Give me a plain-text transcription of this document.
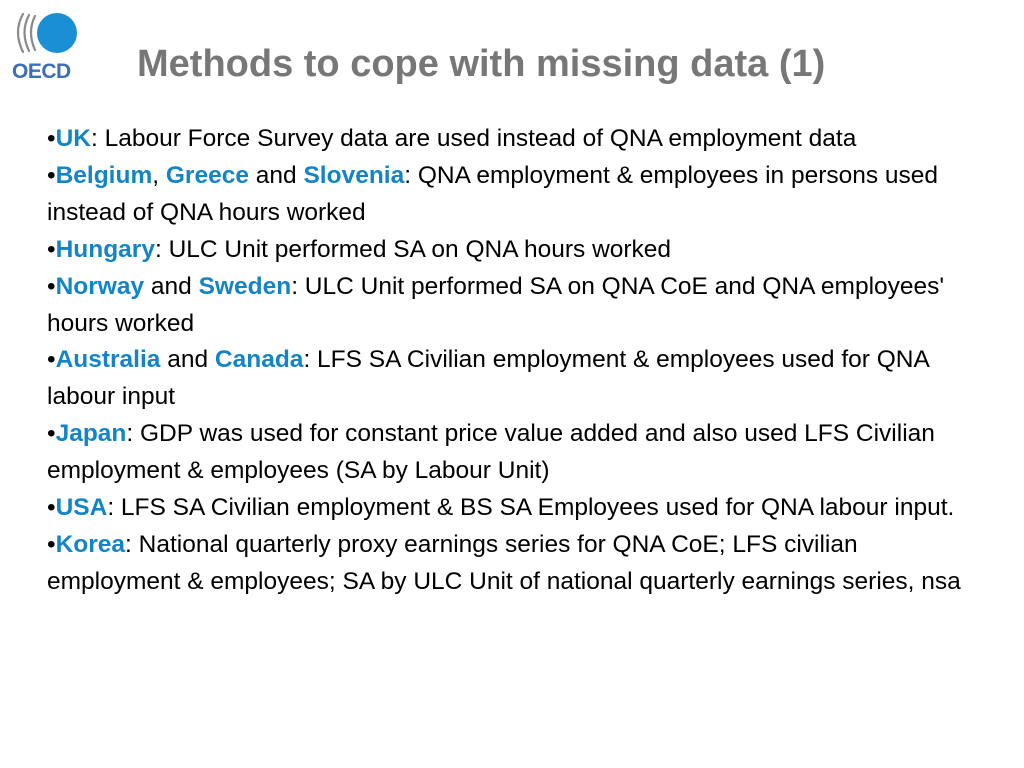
OECD Methods to cope with missing data (1)

•UK: Labour Force Survey data are used instead of QNA employment data

•Belgium, Greece and Slovenia: QNA employment & employees in persons used instead of QNA hours worked

•Hungary: ULC Unit performed SA on QNA hours worked

•Norway and Sweden: ULC Unit performed SA on QNA CoE and QNA employees' hours worked

•Australia and Canada: LFS SA Civilian employment & employees used for QNA labour input

•Japan: GDP was used for constant price value added and also used LFS Civilian employment & employees (SA by Labour Unit)

•USA: LFS SA Civilian employment & BS SA Employees used for QNA labour input.

•Korea: National quarterly proxy earnings series for QNA CoE; LFS civilian employment & employees; SA by ULC Unit of national quarterly earnings series, nsa
